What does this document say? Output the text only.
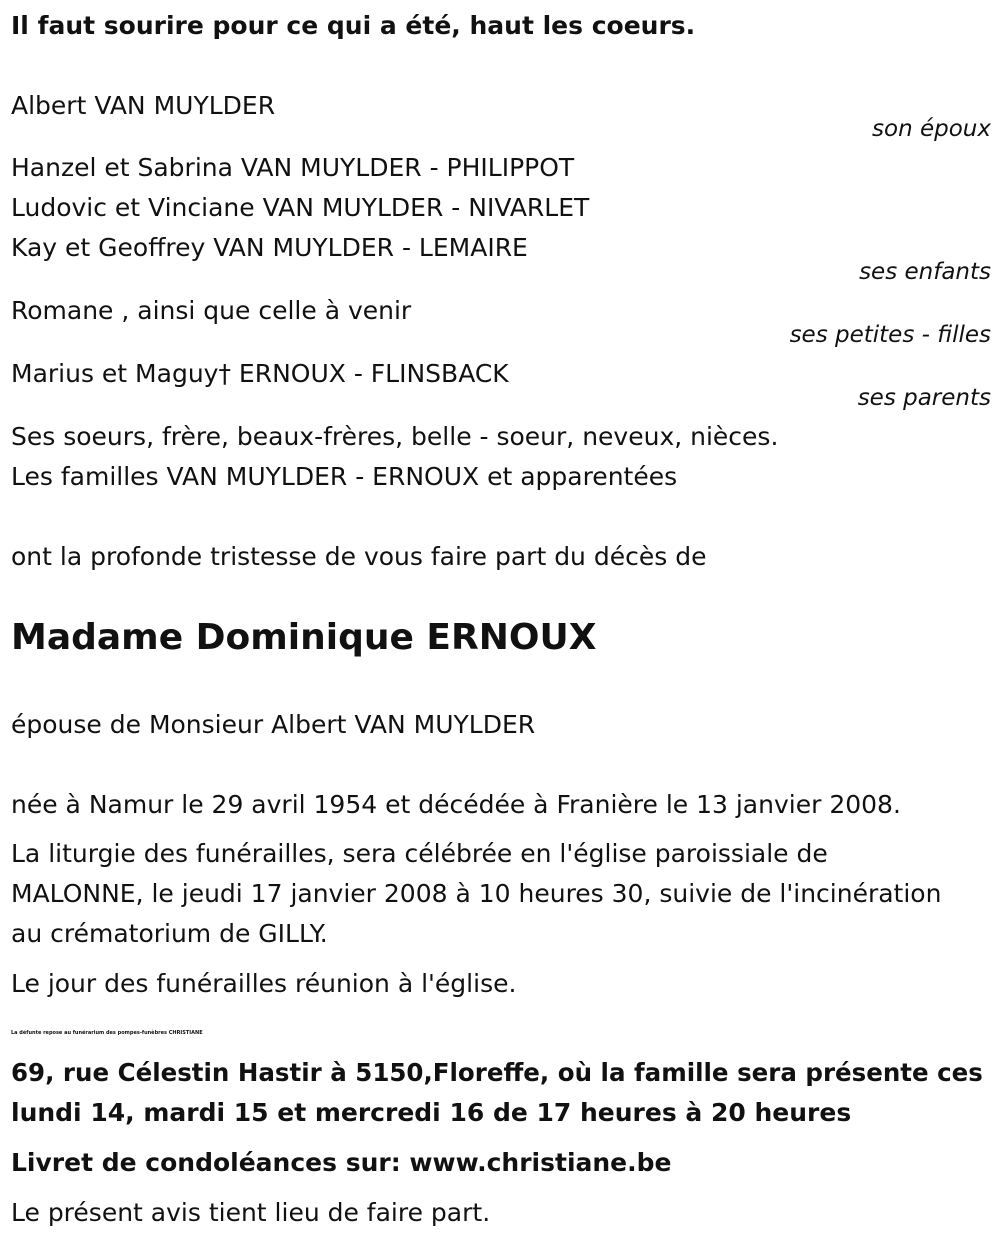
Il faut sourire pour ce qui a été, haut les coeurs.
Albert VAN MUYLDER
son époux
Hanzel et Sabrina VAN MUYLDER - PHILIPPOT
Ludovic et Vinciane VAN MUYLDER - NIVARLET
Kay et Geoffrey VAN MUYLDER - LEMAIRE
ses enfants
Romane , ainsi que celle à venir
ses petites - filles
Marius et Maguy† ERNOUX - FLINSBACK
ses parents
Ses soeurs, frère, beaux-frères, belle - soeur, neveux, nièces.
Les familles VAN MUYLDER - ERNOUX et apparentées
ont la profonde tristesse de vous faire part du décès de
Madame Dominique ERNOUX
épouse de Monsieur Albert VAN MUYLDER
née à Namur le 29 avril 1954 et décédée à Franière le 13 janvier 2008.
La liturgie des funérailles, sera célébrée en l'église paroissiale de
MALONNE, le jeudi 17 janvier 2008 à 10 heures 30, suivie de l'incinération
au crématorium de GILLY.
Le jour des funérailles réunion à l'église.
La défunte repose au funérarium des pompes-funèbres CHRISTIANE
69, rue Célestin Hastir à 5150,Floreffe, où la famille sera présente ces
lundi 14, mardi 15 et mercredi 16 de 17 heures à 20 heures
Livret de condoléances sur: www.christiane.be
Le présent avis tient lieu de faire part.
